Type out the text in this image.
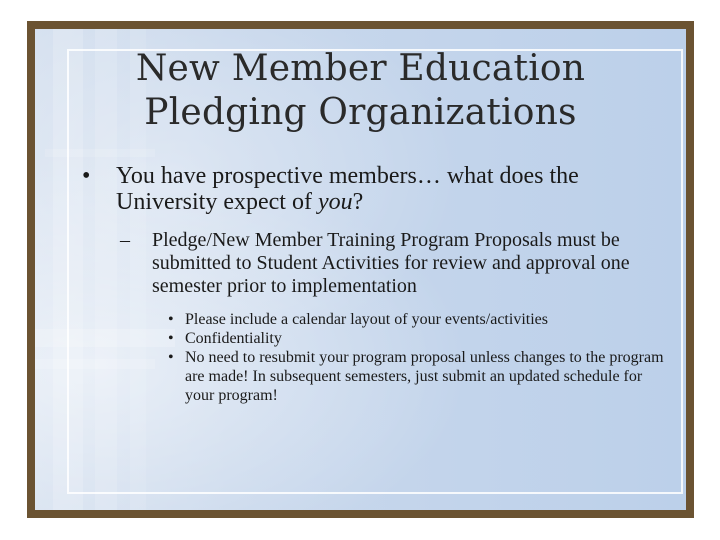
New Member Education
Pledging Organizations
• You have prospective members… what does the University expect of you?
– Pledge/New Member Training Program Proposals must be submitted to Student Activities for review and approval one semester prior to implementation
• Please include a calendar layout of your events/activities
• Confidentiality
• No need to resubmit your program proposal unless changes to the program are made! In subsequent semesters, just submit an updated schedule for your program!
